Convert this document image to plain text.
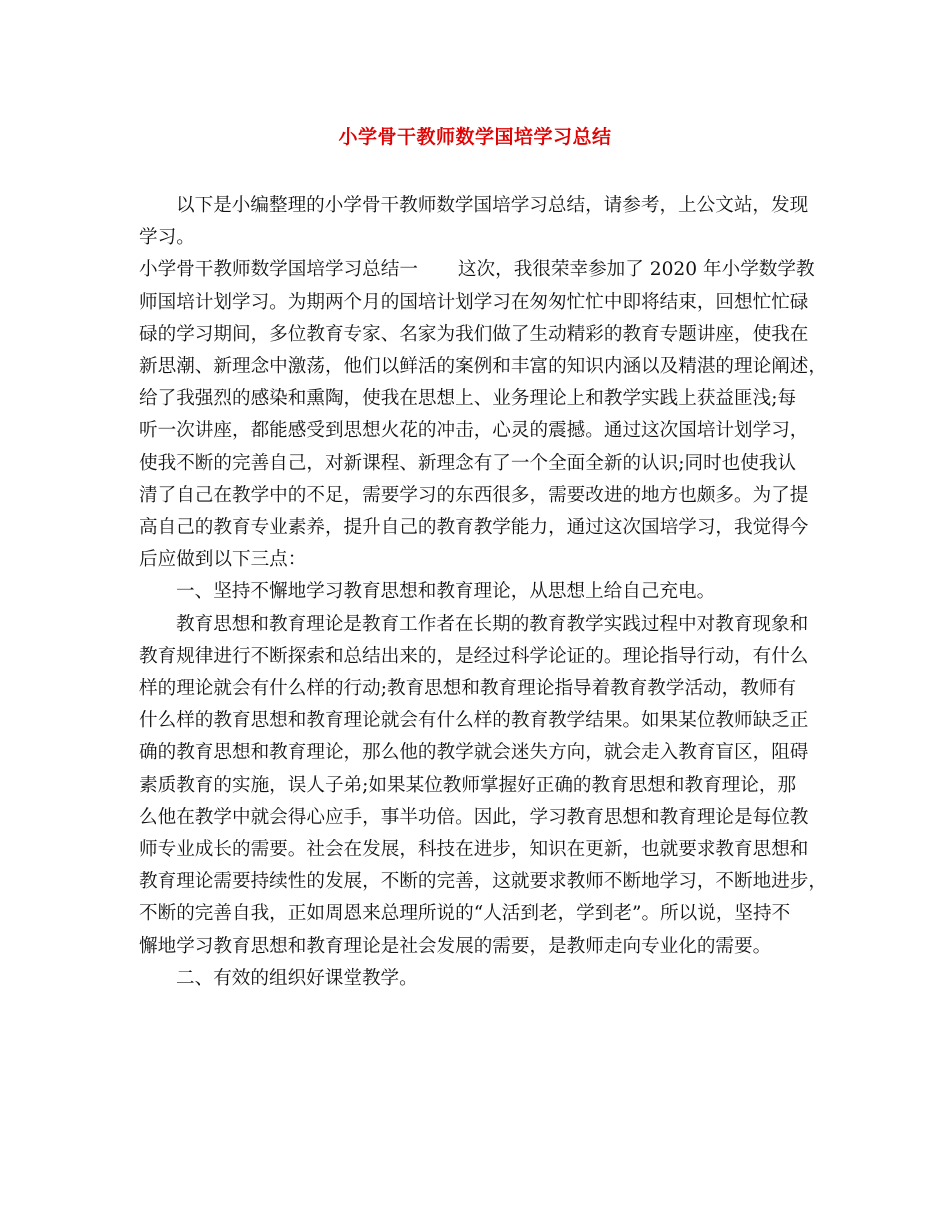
小学骨干教师数学国培学习总结
以下是小编整理的小学骨干教师数学国培学习总结，请参考，上公文站，发现
学习。
小学骨干教师数学国培学习总结一 这次，我很荣幸参加了 2020 年小学数学教
师国培计划学习。为期两个月的国培计划学习在匆匆忙忙中即将结束，回想忙忙碌
碌的学习期间，多位教育专家、名家为我们做了生动精彩的教育专题讲座，使我在
新思潮、新理念中激荡，他们以鲜活的案例和丰富的知识内涵以及精湛的理论阐述，
给了我强烈的感染和熏陶，使我在思想上、业务理论上和教学实践上获益匪浅;每
听一次讲座，都能感受到思想火花的冲击，心灵的震撼。通过这次国培计划学习，
使我不断的完善自己，对新课程、新理念有了一个全面全新的认识;同时也使我认
清了自己在教学中的不足，需要学习的东西很多，需要改进的地方也颇多。为了提
高自己的教育专业素养，提升自己的教育教学能力，通过这次国培学习，我觉得今
后应做到以下三点：
一、坚持不懈地学习教育思想和教育理论，从思想上给自己充电。
教育思想和教育理论是教育工作者在长期的教育教学实践过程中对教育现象和
教育规律进行不断探索和总结出来的，是经过科学论证的。理论指导行动，有什么
样的理论就会有什么样的行动;教育思想和教育理论指导着教育教学活动，教师有
什么样的教育思想和教育理论就会有什么样的教育教学结果。如果某位教师缺乏正
确的教育思想和教育理论，那么他的教学就会迷失方向，就会走入教育盲区，阻碍
素质教育的实施，误人子弟;如果某位教师掌握好正确的教育思想和教育理论，那
么他在教学中就会得心应手，事半功倍。因此，学习教育思想和教育理论是每位教
师专业成长的需要。社会在发展，科技在进步，知识在更新，也就要求教育思想和
教育理论需要持续性的发展，不断的完善，这就要求教师不断地学习，不断地进步，
不断的完善自我，正如周恩来总理所说的“人活到老，学到老”。所以说，坚持不
懈地学习教育思想和教育理论是社会发展的需要，是教师走向专业化的需要。
二、有效的组织好课堂教学。
